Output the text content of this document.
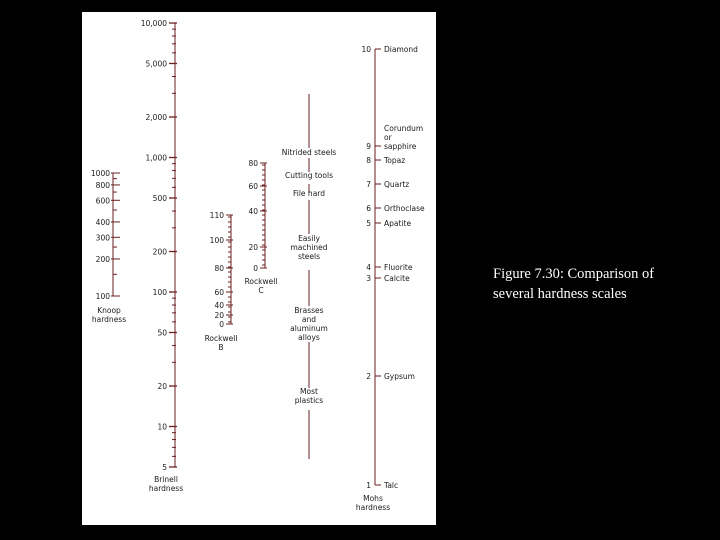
1000
800
600
400
300
200
100
Knoop
hardness
10,000
5,000
2,000
1,000
500
200
100
50
20
10
5
Brinell
hardness
110
100
80
60
40
20
0
Rockwell
B
80
60
40
20
0
Rockwell
C
Nitrided steels
Cutting tools
File hard
Easily
machined
steels
Brasses
and
aluminum
alloys
Most
plastics
10 Diamond
9
Corundum
or
sapphire
8 Topaz
7 Quartz
6 Orthoclase
5 Apatite
4 Fluorite
3 Calcite
2 Gypsum
1 Talc
Mohs
hardness
Figure 7.30: Comparison of
several hardness scales
